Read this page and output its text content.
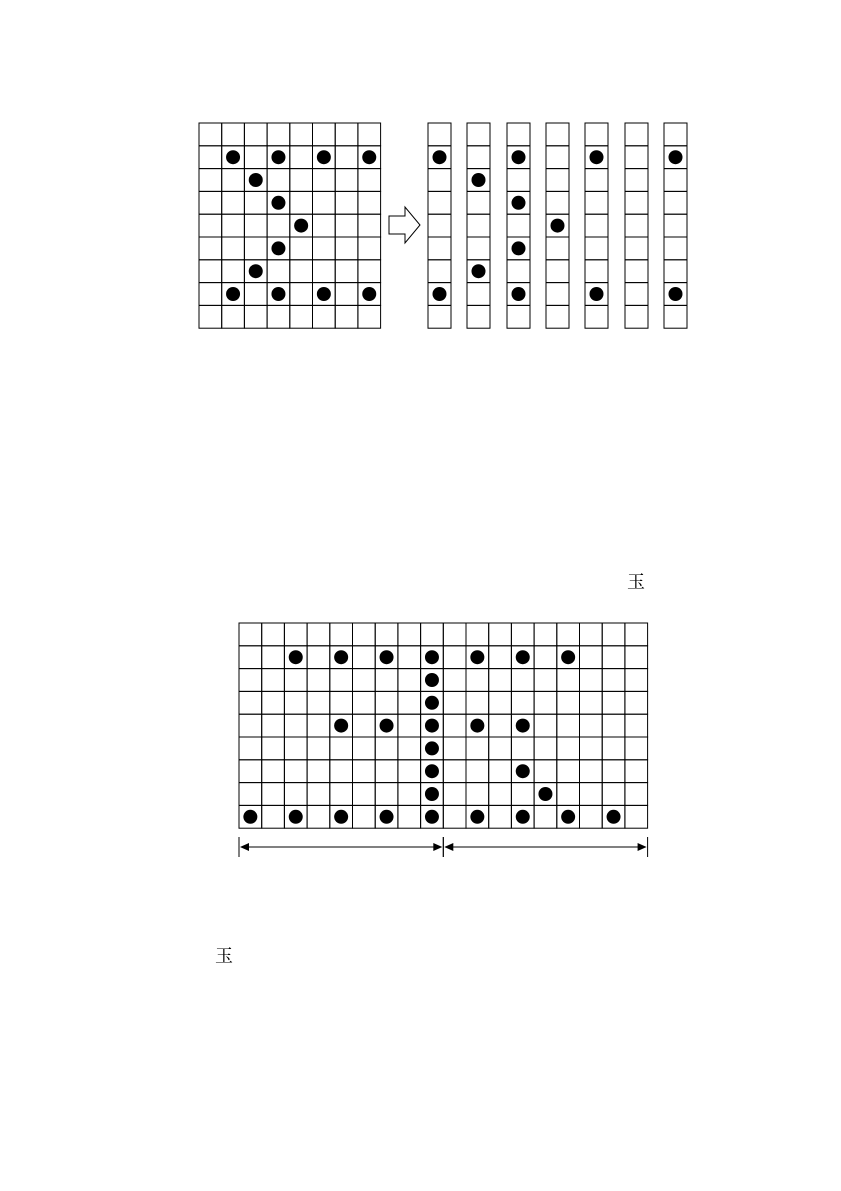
玉
玉
